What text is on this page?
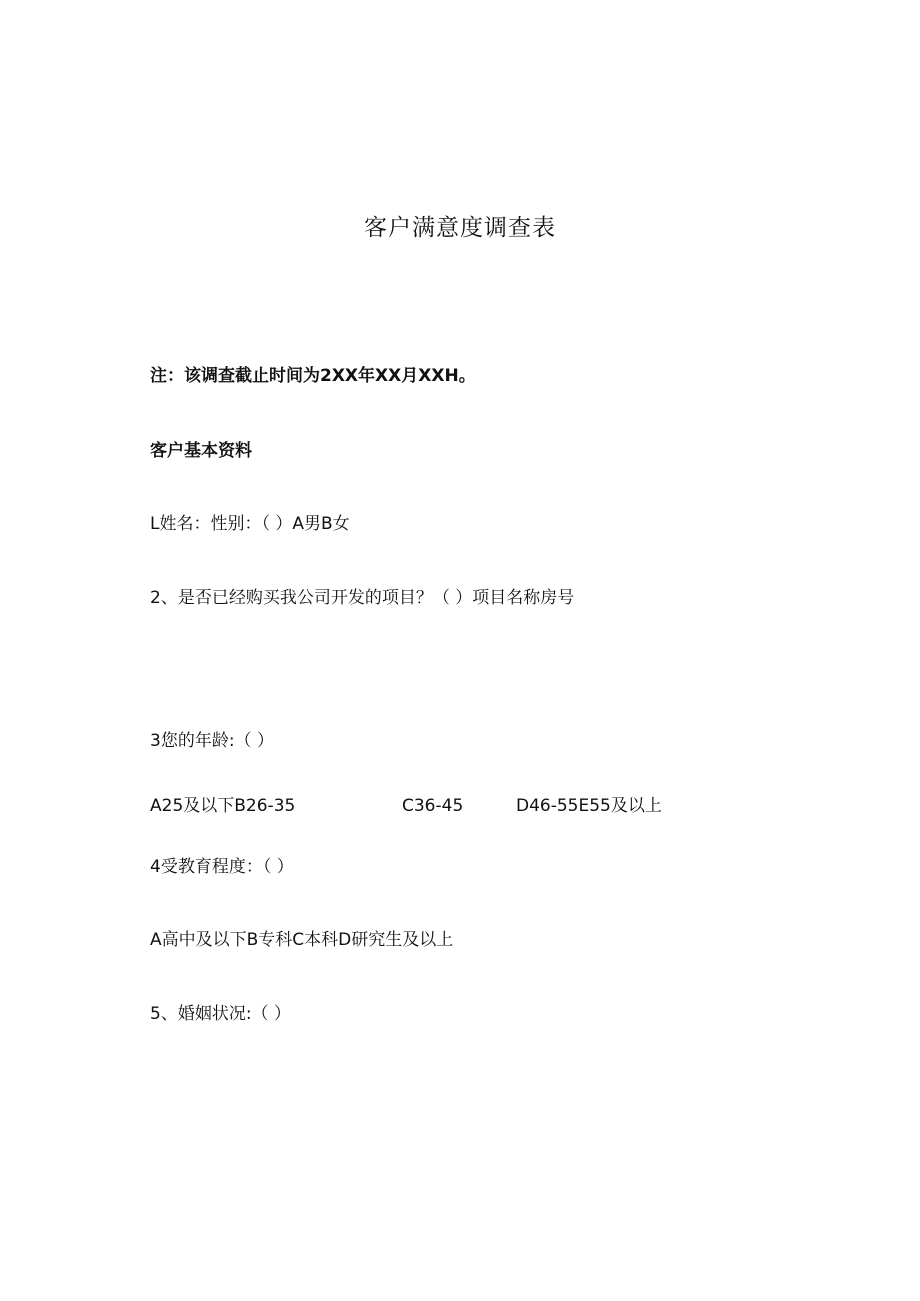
客户满意度调查表
注：该调查截止时间为2XX年XX月XXH。
客户基本资料
L姓名：性别：（ ）A男B女
2、是否已经购买我公司开发的项目？（ ）项目名称房号
3您的年龄:（ ）
A25及以下B26-35	C36-45	D46-55E55及以上
4受教育程度：（ ）
A高中及以下B专科C本科D研究生及以上
5、婚姻状况:（ ）
